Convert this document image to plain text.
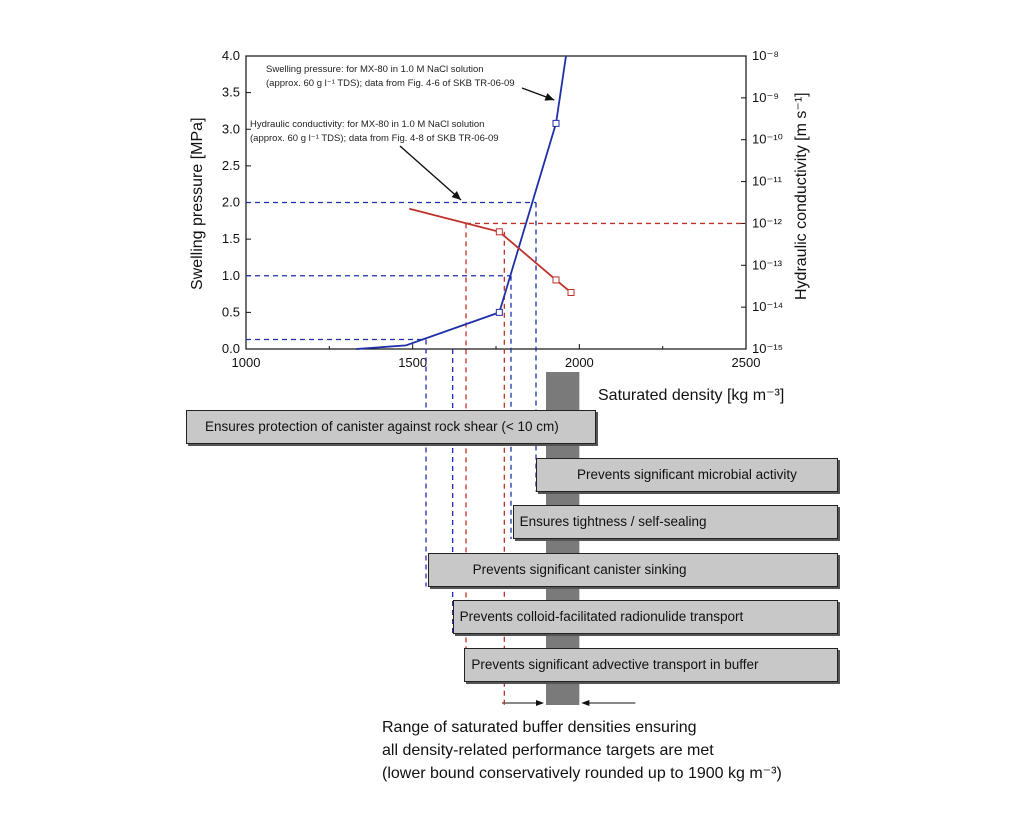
1000	1500	2000	2500
0.0
0.5
1.0
1.5
2.0
2.5
3.0
3.5
4.0
10⁻¹⁵
10⁻¹⁴
10⁻¹³
10⁻¹²
10⁻¹¹
10⁻¹⁰
10⁻⁹
10⁻⁸
Swelling pressure: for MX-80 in 1.0 M NaCl solution
(approx. 60 g l⁻¹ TDS); data from Fig. 4-6 of SKB TR-06-09
Hydraulic conductivity: for MX-80 in 1.0 M NaCl solution
(approx. 60 g l⁻¹ TDS); data from Fig. 4-8 of SKB TR-06-09
Saturated density [kg m⁻³]
Swelling pressure [MPa]	Hydraulic conductivity [m s⁻¹]
Ensures protection of canister against rock shear (< 10 cm)
Prevents significant microbial activity
Ensures tightness / self-sealing
Prevents significant canister sinking
Prevents colloid-facilitated radionulide transport
Prevents significant advective transport in buffer
Range of saturated buffer densities ensuring
all density-related performance targets are met
(lower bound conservatively rounded up to 1900 kg m⁻³)
